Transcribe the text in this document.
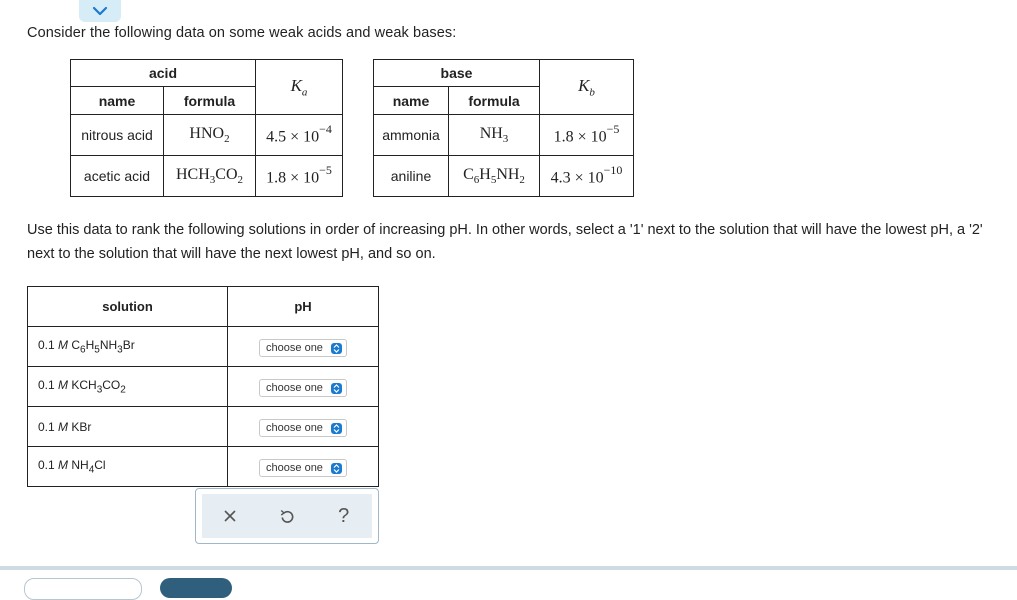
Consider the following data on some weak acids and weak bases:
acid		$K_a$
name	formula	
nitrous acid	$HNO_2$	$4.5 \times 10^{-4}$
acetic acid	$HCH_3CO_2$	$1.8 \times 10^{-5}$
base		$K_b$
name	formula	
ammonia	$NH_3$	$1.8 \times 10^{-5}$
aniline	$C_6H_5NH_2$	$4.3 \times 10^{-10}$
Use this data to rank the following solutions in order of increasing pH. In other words, select a '1' next to the solution that will have the lowest pH, a '2' next to the solution that will have the next lowest pH, and so on.
solution	pH
0.1 M $C_6H_5NH_3Br$	choose one

0.1 M $KCH_3CO_2$	choose one

0.1 M KBr	choose one

0.1 M $NH_4Cl$	choose one
?
